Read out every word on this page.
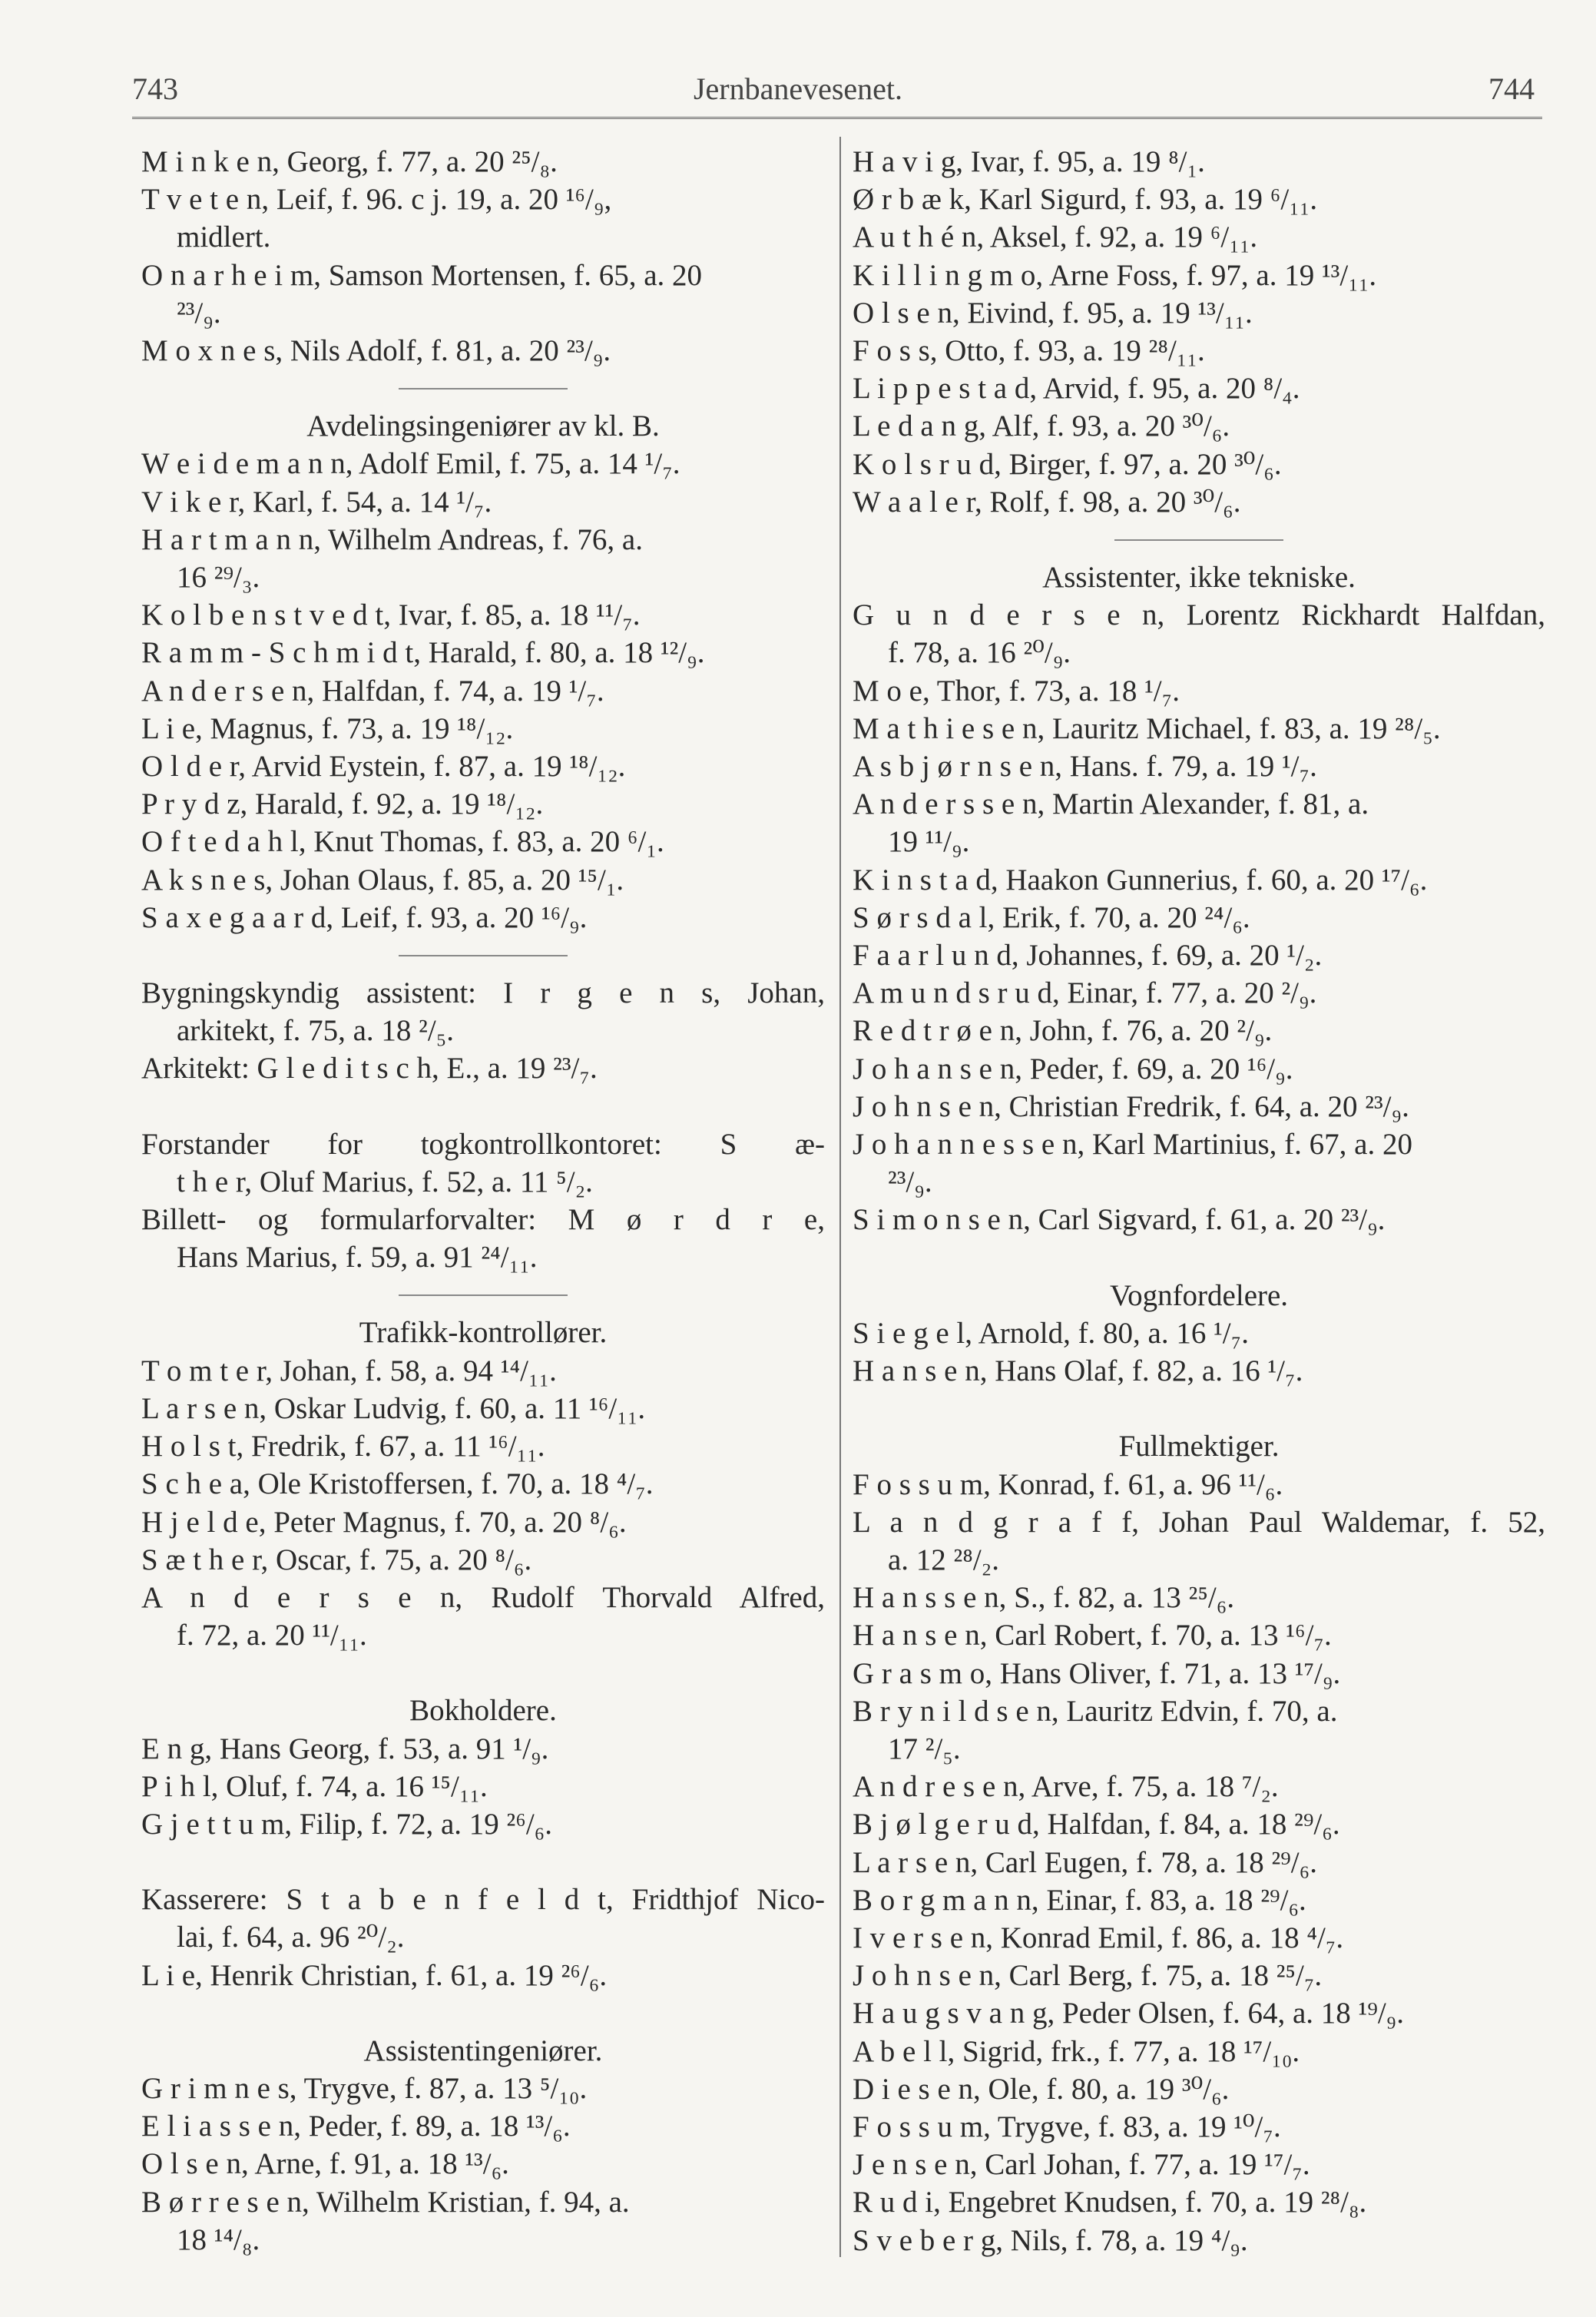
743	Jernbanevesenet.	744
M i n k e n, Georg, f. 77, a. 20 ²⁵/₈.
T v e t e n, Leif, f. 96. c j. 19, a. 20 ¹⁶/₉,
midlert.
O n a r h e i m, Samson Mortensen, f. 65, a. 20
²³/₉.
M o x n e s, Nils Adolf, f. 81, a. 20 ²³/₉.
Avdelingsingeniører av kl. B.
W e i d e m a n n, Adolf Emil, f. 75, a. 14 ¹/₇.
V i k e r, Karl, f. 54, a. 14 ¹/₇.
H a r t m a n n, Wilhelm Andreas, f. 76, a.
16 ²⁹/₃.
K o l b e n s t v e d t, Ivar, f. 85, a. 18 ¹¹/₇.
R a m m - S c h m i d t, Harald, f. 80, a. 18 ¹²/₉.
A n d e r s e n, Halfdan, f. 74, a. 19 ¹/₇.
L i e, Magnus, f. 73, a. 19 ¹⁸/₁₂.
O l d e r, Arvid Eystein, f. 87, a. 19 ¹⁸/₁₂.
P r y d z, Harald, f. 92, a. 19 ¹⁸/₁₂.
O f t e d a h l, Knut Thomas, f. 83, a. 20 ⁶/₁.
A k s n e s, Johan Olaus, f. 85, a. 20 ¹⁵/₁.
S a x e g a a r d, Leif, f. 93, a. 20 ¹⁶/₉.
Bygningskyndig assistent: I r g e n s, Johan,
arkitekt, f. 75, a. 18 ²/₅.
Arkitekt: G l e d i t s c h, E., a. 19 ²³/₇.
Forstander for togkontrollkontoret: S æ-
t h e r, Oluf Marius, f. 52, a. 11 ⁵/₂.
Billett- og formularforvalter: M ø r d r e,
Hans Marius, f. 59, a. 91 ²⁴/₁₁.
Trafikk-kontrollører.
T o m t e r, Johan, f. 58, a. 94 ¹⁴/₁₁.
L a r s e n, Oskar Ludvig, f. 60, a. 11 ¹⁶/₁₁.
H o l s t, Fredrik, f. 67, a. 11 ¹⁶/₁₁.
S c h e a, Ole Kristoffersen, f. 70, a. 18 ⁴/₇.
H j e l d e, Peter Magnus, f. 70, a. 20 ⁸/₆.
S æ t h e r, Oscar, f. 75, a. 20 ⁸/₆.
A n d e r s e n, Rudolf Thorvald Alfred,
f. 72, a. 20 ¹¹/₁₁.
Bokholdere.
E n g, Hans Georg, f. 53, a. 91 ¹/₉.
P i h l, Oluf, f. 74, a. 16 ¹⁵/₁₁.
G j e t t u m, Filip, f. 72, a. 19 ²⁶/₆.
Kasserere: S t a b e n f e l d t, Fridthjof Nico-
lai, f. 64, a. 96 ²⁰/₂.
L i e, Henrik Christian, f. 61, a. 19 ²⁶/₆.
Assistentingeniører.
G r i m n e s, Trygve, f. 87, a. 13 ⁵/₁₀.
E l i a s s e n, Peder, f. 89, a. 18 ¹³/₆.
O l s e n, Arne, f. 91, a. 18 ¹³/₆.
B ø r r e s e n, Wilhelm Kristian, f. 94, a.
18 ¹⁴/₈.
H a v i g, Ivar, f. 95, a. 19 ⁸/₁.
Ø r b æ k, Karl Sigurd, f. 93, a. 19 ⁶/₁₁.
A u t h é n, Aksel, f. 92, a. 19 ⁶/₁₁.
K i l l i n g m o, Arne Foss, f. 97, a. 19 ¹³/₁₁.
O l s e n, Eivind, f. 95, a. 19 ¹³/₁₁.
F o s s, Otto, f. 93, a. 19 ²⁸/₁₁.
L i p p e s t a d, Arvid, f. 95, a. 20 ⁸/₄.
L e d a n g, Alf, f. 93, a. 20 ³⁰/₆.
K o l s r u d, Birger, f. 97, a. 20 ³⁰/₆.
W a a l e r, Rolf, f. 98, a. 20 ³⁰/₆.
Assistenter, ikke tekniske.
G u n d e r s e n, Lorentz Rickhardt Halfdan,
f. 78, a. 16 ²⁰/₉.
M o e, Thor, f. 73, a. 18 ¹/₇.
M a t h i e s e n, Lauritz Michael, f. 83, a. 19 ²⁸/₅.
A s b j ø r n s e n, Hans. f. 79, a. 19 ¹/₇.
A n d e r s s e n, Martin Alexander, f. 81, a.
19 ¹¹/₉.
K i n s t a d, Haakon Gunnerius, f. 60, a. 20 ¹⁷/₆.
S ø r s d a l, Erik, f. 70, a. 20 ²⁴/₆.
F a a r l u n d, Johannes, f. 69, a. 20 ¹/₂.
A m u n d s r u d, Einar, f. 77, a. 20 ²/₉.
R e d t r ø e n, John, f. 76, a. 20 ²/₉.
J o h a n s e n, Peder, f. 69, a. 20 ¹⁶/₉.
J o h n s e n, Christian Fredrik, f. 64, a. 20 ²³/₉.
J o h a n n e s s e n, Karl Martinius, f. 67, a. 20
²³/₉.
S i m o n s e n, Carl Sigvard, f. 61, a. 20 ²³/₉.
Vognfordelere.
S i e g e l, Arnold, f. 80, a. 16 ¹/₇.
H a n s e n, Hans Olaf, f. 82, a. 16 ¹/₇.
Fullmektiger.
F o s s u m, Konrad, f. 61, a. 96 ¹¹/₆.
L a n d g r a f f, Johan Paul Waldemar, f. 52,
a. 12 ²⁸/₂.
H a n s s e n, S., f. 82, a. 13 ²⁵/₆.
H a n s e n, Carl Robert, f. 70, a. 13 ¹⁶/₇.
G r a s m o, Hans Oliver, f. 71, a. 13 ¹⁷/₉.
B r y n i l d s e n, Lauritz Edvin, f. 70, a.
17 ²/₅.
A n d r e s e n, Arve, f. 75, a. 18 ⁷/₂.
B j ø l g e r u d, Halfdan, f. 84, a. 18 ²⁹/₆.
L a r s e n, Carl Eugen, f. 78, a. 18 ²⁹/₆.
B o r g m a n n, Einar, f. 83, a. 18 ²⁹/₆.
I v e r s e n, Konrad Emil, f. 86, a. 18 ⁴/₇.
J o h n s e n, Carl Berg, f. 75, a. 18 ²⁵/₇.
H a u g s v a n g, Peder Olsen, f. 64, a. 18 ¹⁹/₉.
A b e l l, Sigrid, frk., f. 77, a. 18 ¹⁷/₁₀.
D i e s e n, Ole, f. 80, a. 19 ³⁰/₆.
F o s s u m, Trygve, f. 83, a. 19 ¹⁰/₇.
J e n s e n, Carl Johan, f. 77, a. 19 ¹⁷/₇.
R u d i, Engebret Knudsen, f. 70, a. 19 ²⁸/₈.
S v e b e r g, Nils, f. 78, a. 19 ⁴/₉.
